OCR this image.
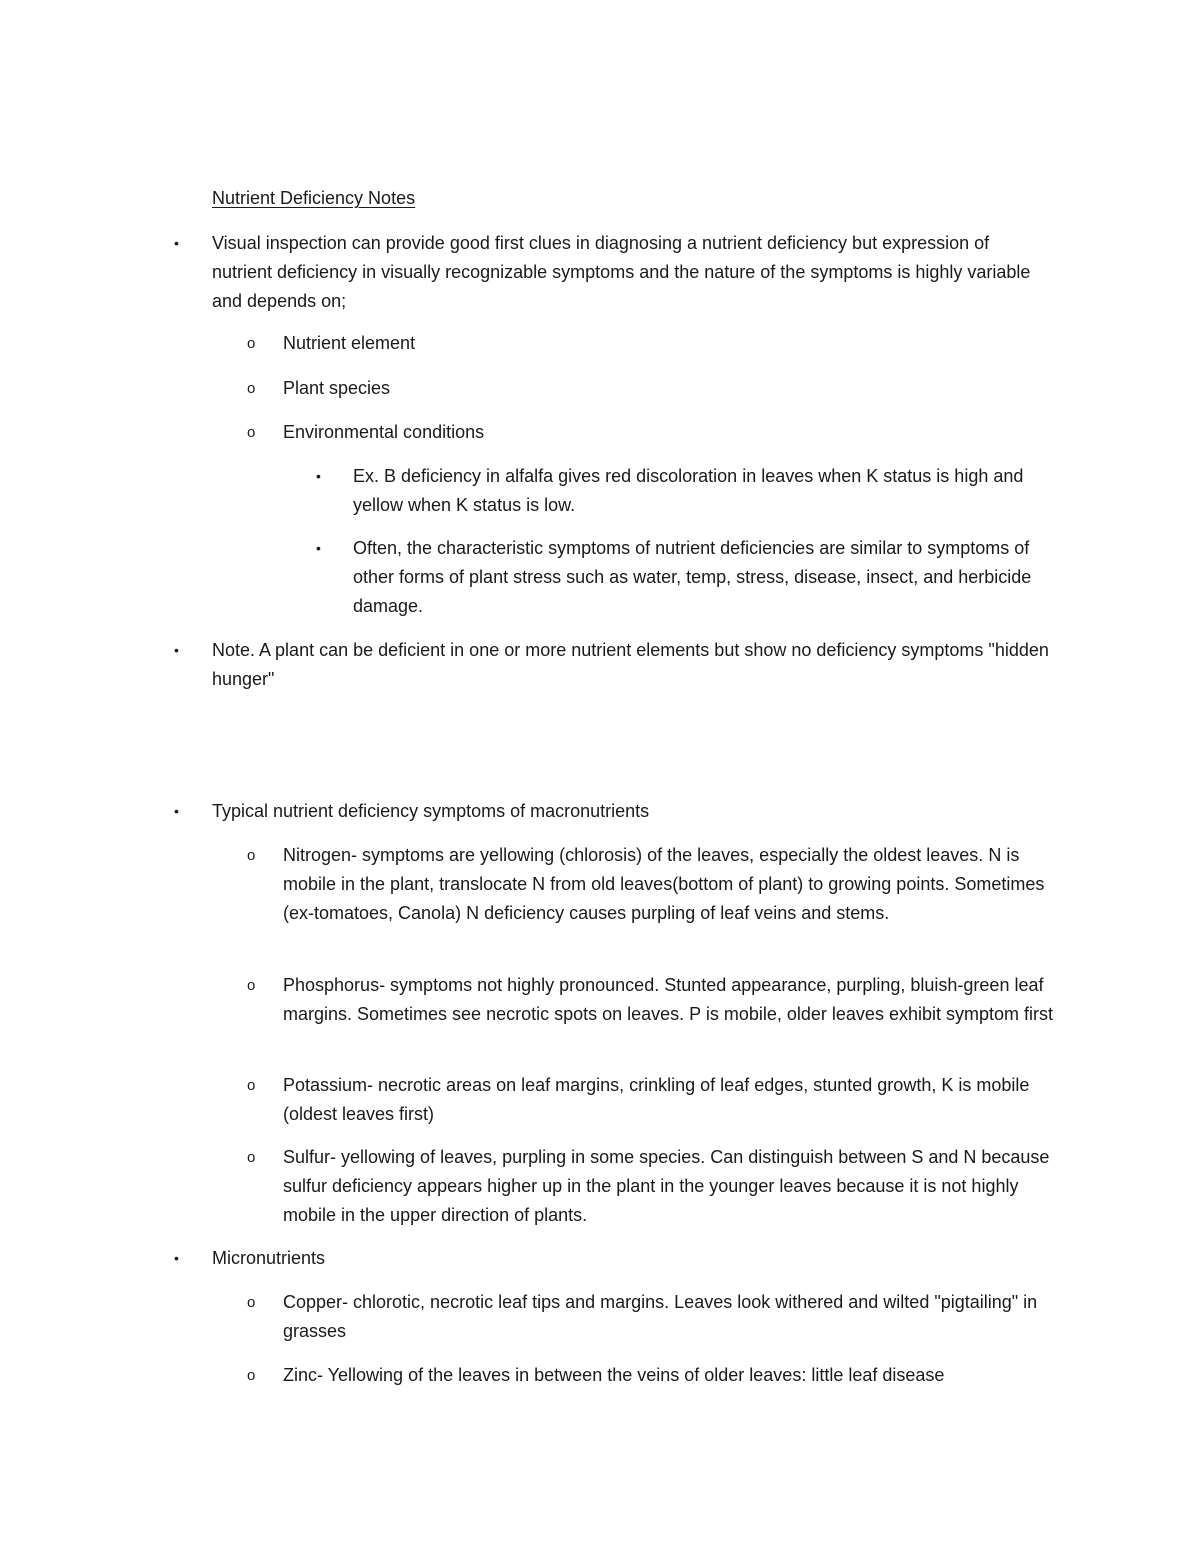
Nutrient Deficiency Notes
• Visual inspection can provide good first clues in diagnosing a nutrient deficiency but expression of nutrient deficiency in visually recognizable symptoms and the nature of the symptoms is highly variable and depends on;
o Nutrient element
o Plant species
o Environmental conditions
• Ex. B deficiency in alfalfa gives red discoloration in leaves when K status is high and yellow when K status is low.
• Often, the characteristic symptoms of nutrient deficiencies are similar to symptoms of other forms of plant stress such as water, temp, stress, disease, insect, and herbicide damage.
• Note. A plant can be deficient in one or more nutrient elements but show no deficiency symptoms "hidden hunger"
• Typical nutrient deficiency symptoms of macronutrients
o Nitrogen- symptoms are yellowing (chlorosis) of the leaves, especially the oldest leaves. N is mobile in the plant, translocate N from old leaves(bottom of plant) to growing points. Sometimes (ex-tomatoes, Canola) N deficiency causes purpling of leaf veins and stems.
o Phosphorus- symptoms not highly pronounced. Stunted appearance, purpling, bluish-green leaf margins. Sometimes see necrotic spots on leaves. P is mobile, older leaves exhibit symptom first
o Potassium- necrotic areas on leaf margins, crinkling of leaf edges, stunted growth, K is mobile (oldest leaves first)
o Sulfur- yellowing of leaves, purpling in some species. Can distinguish between S and N because sulfur deficiency appears higher up in the plant in the younger leaves because it is not highly mobile in the upper direction of plants.
• Micronutrients
o Copper- chlorotic, necrotic leaf tips and margins. Leaves look withered and wilted "pigtailing" in grasses
o Zinc- Yellowing of the leaves in between the veins of older leaves: little leaf disease
